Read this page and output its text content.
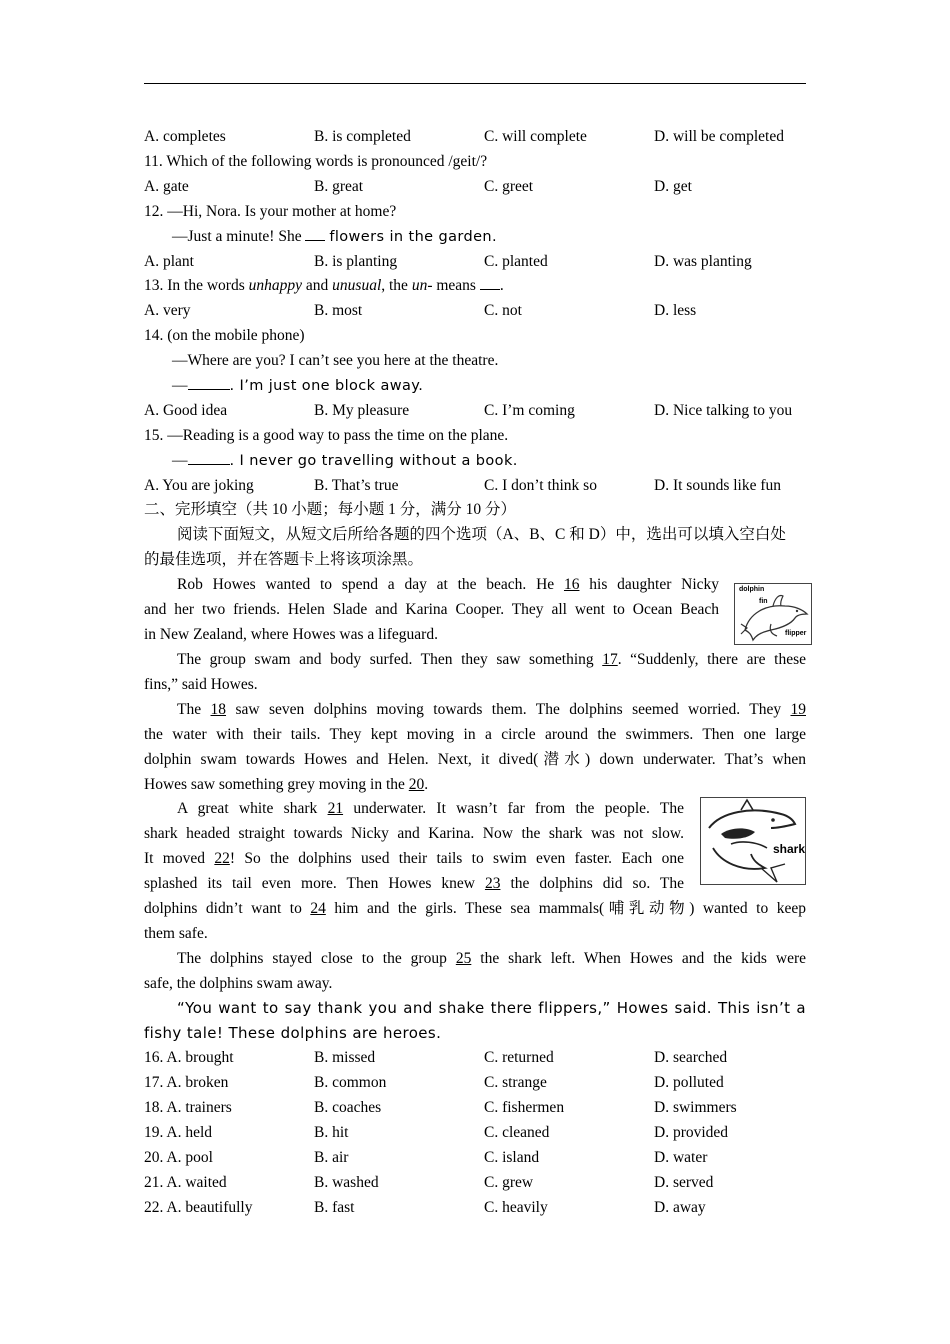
A. completes	B. is completed	C. will complete	D. will be completed
11. Which of the following words is pronounced /geit/?
A. gate	B. great	C. greet	D. get
12. —Hi, Nora. Is your mother at home?
—Just a minute! She flowers in the garden.
A. plant	B. is planting	C. planted	D. was planting
13. In the words unhappy and unusual, the un- means .
A. very	B. most	C. not	D. less
14. (on the mobile phone)
—Where are you? I can’t see you here at the theatre.
—	. I’m just one block away.
A. Good idea	B. My pleasure	C. I’m coming	D. Nice talking to you
15. —Reading is a good way to pass the time on the plane.
—	. I never go travelling without a book.
A. You are joking	B. That’s true	C. I don’t think so	D. It sounds like fun
二、完形填空（共 10 小题；每小题 1 分，满分 10 分）
阅读下面短文，从短文后所给各题的四个选项（A、B、C 和 D）中，选出可以填入空白处
的最佳选项，并在答题卡上将该项涂黑。
Rob Howes wanted to spend a day at the beach. He 16 his daughter Nicky
and her two friends. Helen Slade and Karina Cooper. They all went to Ocean Beach
in New Zealand, where Howes was a lifeguard.
dolphin
fin
flipper
The group swam and body surfed. Then they saw something 17. “Suddenly, there are these
fins,” said Howes.
The 18 saw seven dolphins moving towards them. The dolphins seemed worried. They 19
the water with their tails. They kept moving in a circle around the swimmers. Then one large
dolphin swam towards Howes and Helen. Next, it dived(潜水) down underwater. That’s when
Howes saw something grey moving in the 20.
A great white shark 21 underwater. It wasn’t far from the people. The
shark headed straight towards Nicky and Karina. Now the shark was not slow.
It moved 22! So the dolphins used their tails to swim even faster. Each one
splashed its tail even more. Then Howes knew 23 the dolphins did so. The
dolphins didn’t want to 24 him and the girls. These sea mammals(哺乳动物) wanted to keep
them safe.
shark
The dolphins stayed close to the group 25 the shark left. When Howes and the kids were
safe, the dolphins swam away.
“You want to say thank you and shake there flippers,” Howes said. This isn’t a
fishy tale! These dolphins are heroes.
16. A. brought	B. missed	C. returned	D. searched
17. A. broken	B. common	C. strange	D. polluted
18. A. trainers	B. coaches	C. fishermen	D. swimmers
19. A. held	B. hit	C. cleaned	D. provided
20. A. pool	B. air	C. island	D. water
21. A. waited	B. washed	C. grew	D. served
22. A. beautifully	B. fast	C. heavily	D. away
